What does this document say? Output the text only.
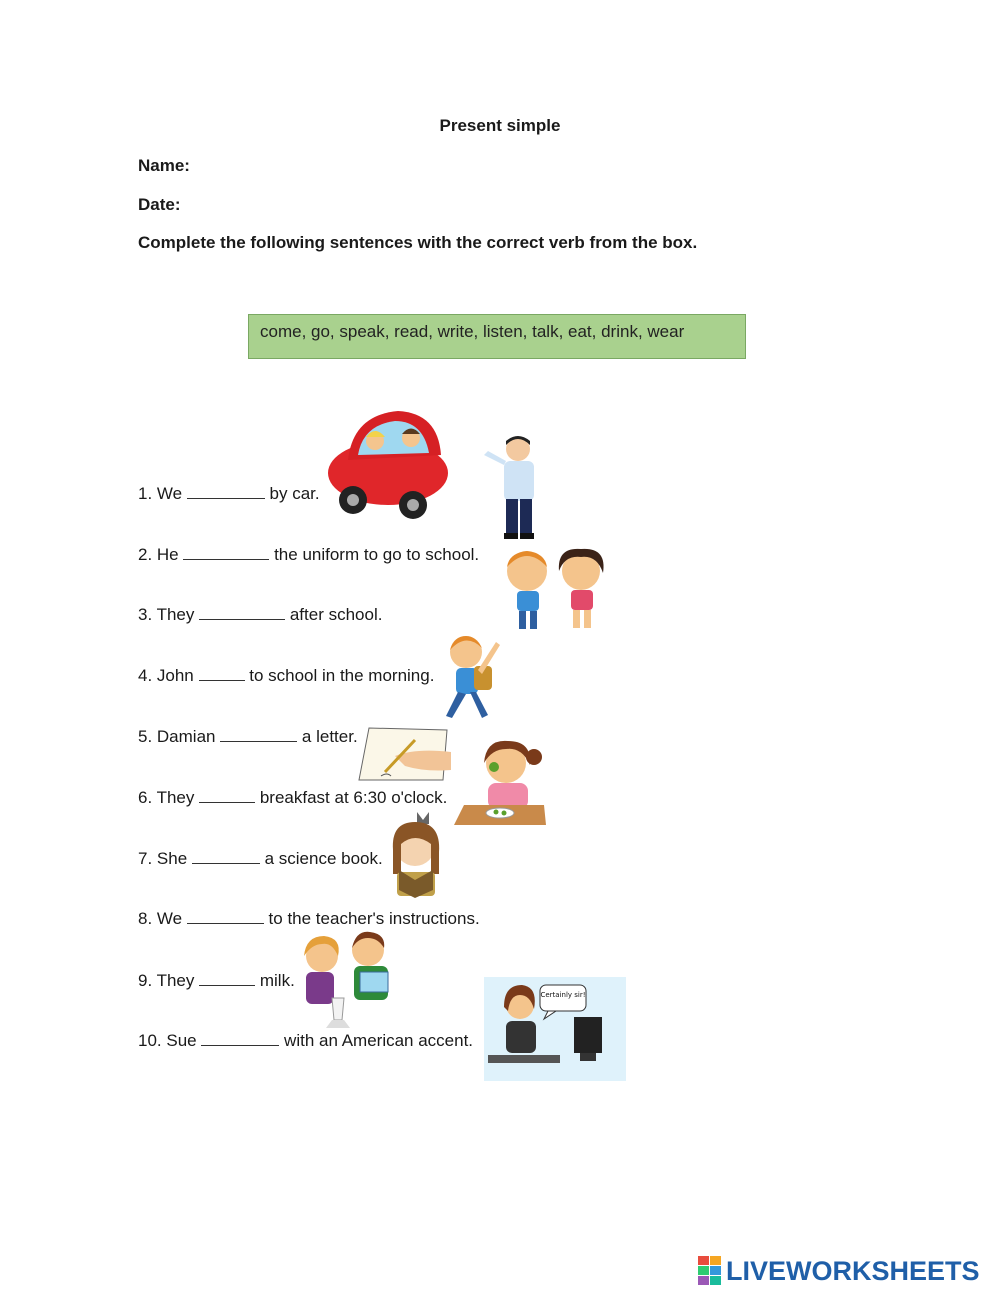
Present simple
Name:
Date:
Complete the following sentences with the correct verb from the box.
come, go, speak, read, write, listen, talk, eat, drink, wear
1. We	by car.
2. He	the uniform to go to school.
3. They	after school.
4. John	to school in the morning.
5. Damian	a letter.
6. They	breakfast at 6:30 o'clock.
7. She	a science book.
8. We	to the teacher's instructions.
9. They	milk.
10. Sue	with an American accent.
Certainly sir!
LIVEWORKSHEETS
